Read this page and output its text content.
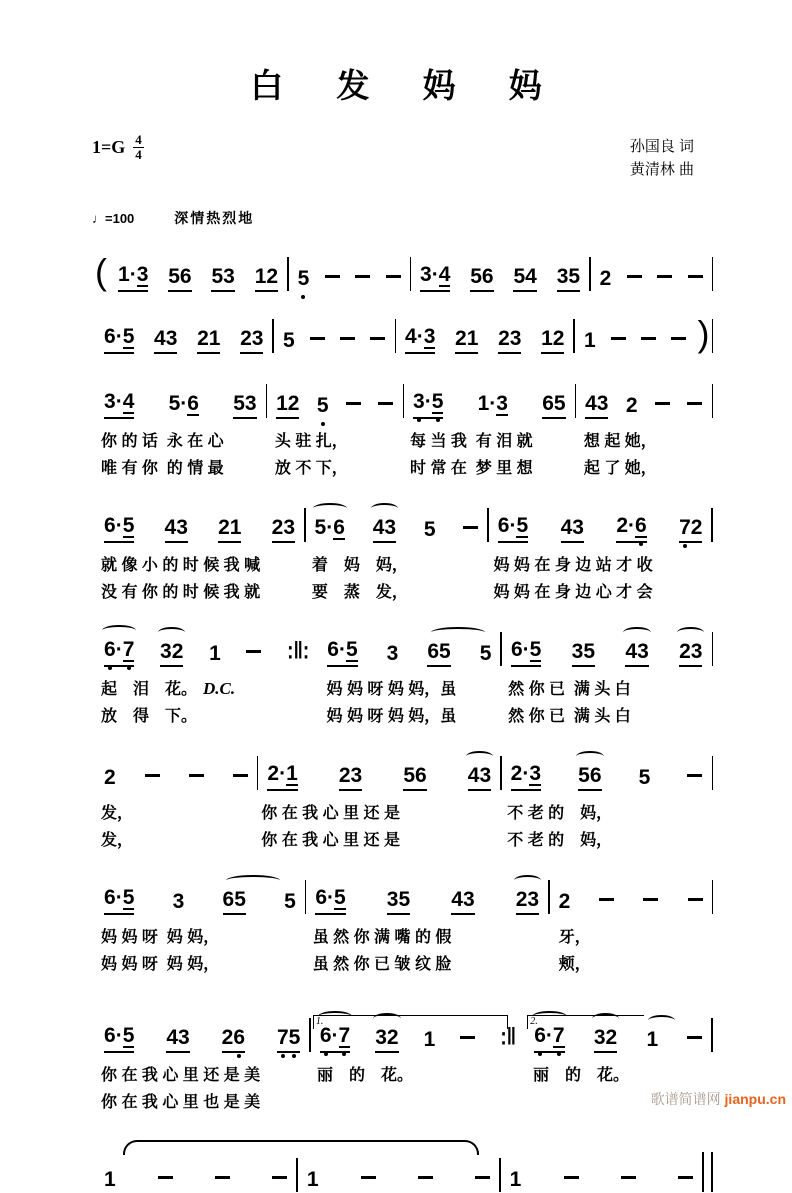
白 发 妈 妈
$1=G \frac{4}{4}$	孙国良 词
黄清林 曲
♩=100	深情热烈地
( 1·3 56 53 12 5	3·4 56 54 35 2
6·5 43 21 23 5	4·3 21 23 12 1	)
3·4 5·6 53 12 5	3
·5 1·3 65 43 2
你 的 话  永 在 心	头 驻 扎，	每 当 我  有 泪 就	想 起 她，
唯 有 你  的 情 最	放 不 下，	时 常 在  梦 里 想	起 了 她，
6·5 43 21 23 5·6 43 5	6·5 43 2·6 7
2
就 像 小 的 时 候 我 喊	着　妈　妈，	妈 妈 在 身 边 站 才 收
没 有 你 的 时 候 我 就	要　蒸　发，	妈 妈 在 身 边 心 才 会
6
·7 32 1	:‖: 6·5 3 65 5 6·5 35 43 23
起　泪　花。 D.C.	妈 妈 呀 妈 妈，虽	然 你 已  满 头 白
放　得　下。	妈 妈 呀 妈 妈，虽	然 你 已  满 头 白
2	2·1 23 56 43 2·3 56 5
发，	你 在 我 心 里 还 是	不 老 的　妈，
发，	你 在 我 心 里 还 是	不 老 的　妈，
6·5 3 65 5 6·5 35 43 23 2
妈 妈 呀  妈 妈，	虽 然 你 满 嘴 的 假	牙，
妈 妈 呀  妈 妈，	虽 然 你 已 皱 纹 脸	颊，
6·5 43 26 7
5
1.
6
·7 32 1	:‖
2.
6
·7 32 1
你 在 我 心 里 还 是 美	丽　的　花。	丽　的　花。
你 在 我 心 里 也 是 美
1	1	1
歌谱简谱网 jianpu.cn
